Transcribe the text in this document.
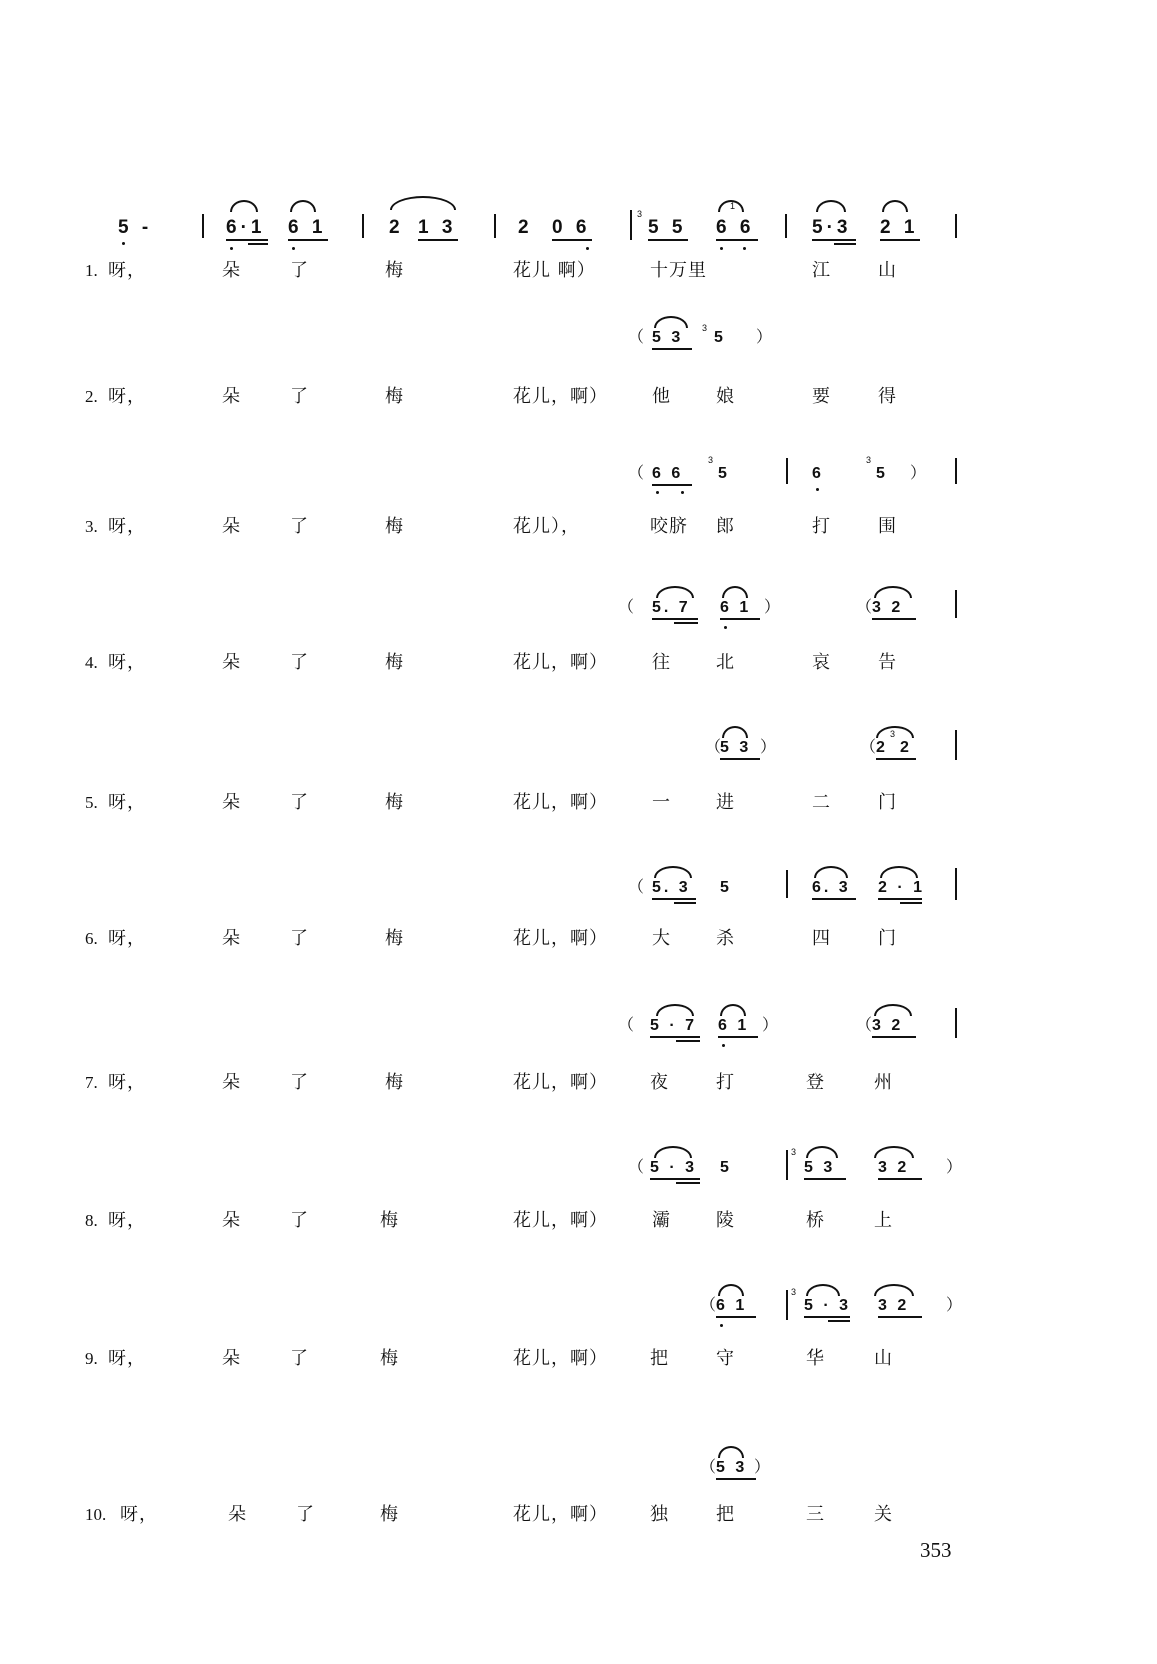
5 -	6·1 6 1	2 1 3	2 0 6
3
5 5
1
6 6	5·3 2 1
1. 呀，	朵	了	梅	花儿 啊）	十万里	江	山
（ 5 3
3
5 ）
2. 呀，	朵	了	梅	花儿，啊） 他	娘	要	得
（ 6 6
3
5	6
3
5 ）
3. 呀，	朵	了	梅	花儿），	咬脐 郎	打	围
（ 5. 7 6 1 ）	（ 3 2
4. 呀，	朵	了	梅	花儿，啊） 往	北	哀	告
（
5 3 ）	（ 2
3
2
5. 呀，	朵	了	梅	花儿，啊） 一	进	二	门
（ 5. 3 5	6. 3 2 · 1
6. 呀，	朵	了	梅	花儿，啊） 大	杀	四	门
（ 5 · 7 6 1 ）	（ 3 2
7. 呀，	朵	了	梅	花儿，啊） 夜	打	登	州
（ 5 · 3 5
3
5 3	3 2 ）
8. 呀，	朵	了	梅	花儿，啊） 灞	陵	桥	上
（ 6 1
3
5 · 3 3 2 ）
9. 呀，	朵	了	梅	花儿，啊） 把	守	华	山
（ 5 3 ）
10. 呀，	朵	了	梅	花儿，啊） 独	把	三	关
353
